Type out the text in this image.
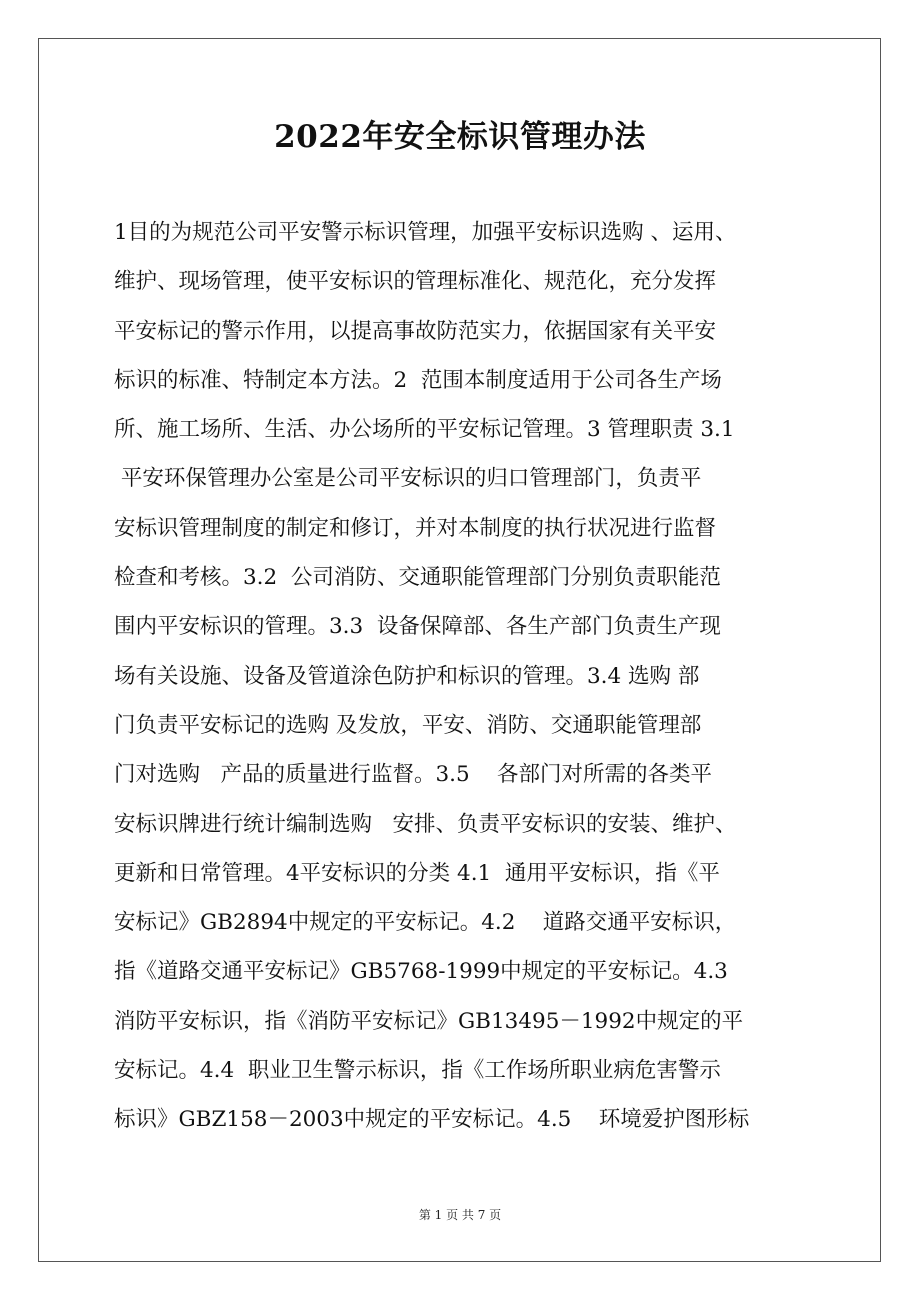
2022年安全标识管理办法
1目的为规范公司平安警示标识管理，加强平安标识选购 、运用、
维护、现场管理，使平安标识的管理标准化、规范化，充分发挥
平安标记的警示作用，以提高事故防范实力，依据国家有关平安
标识的标准、特制定本方法。2  范围本制度适用于公司各生产场
所、施工场所、生活、办公场所的平安标记管理。3 管理职责 3.1
平安环保管理办公室是公司平安标识的归口管理部门，负责平
安标识管理制度的制定和修订，并对本制度的执行状况进行监督
检查和考核。3.2  公司消防、交通职能管理部门分别负责职能范
围内平安标识的管理。3.3  设备保障部、各生产部门负责生产现
场有关设施、设备及管道涂色防护和标识的管理。3.4 选购 部
门负责平安标记的选购 及发放，平安、消防、交通职能管理部
门对选购   产品的质量进行监督。3.5    各部门对所需的各类平
安标识牌进行统计编制选购   安排、负责平安标识的安装、维护、
更新和日常管理。4平安标识的分类 4.1  通用平安标识，指《平
安标记》GB2894中规定的平安标记。4.2    道路交通平安标识，
指《道路交通平安标记》GB5768-1999中规定的平安标记。4.3
消防平安标识，指《消防平安标记》GB13495－1992中规定的平
安标记。4.4  职业卫生警示标识，指《工作场所职业病危害警示
标识》GBZ158－2003中规定的平安标记。4.5    环境爱护图形标
第 1 页 共 7 页
